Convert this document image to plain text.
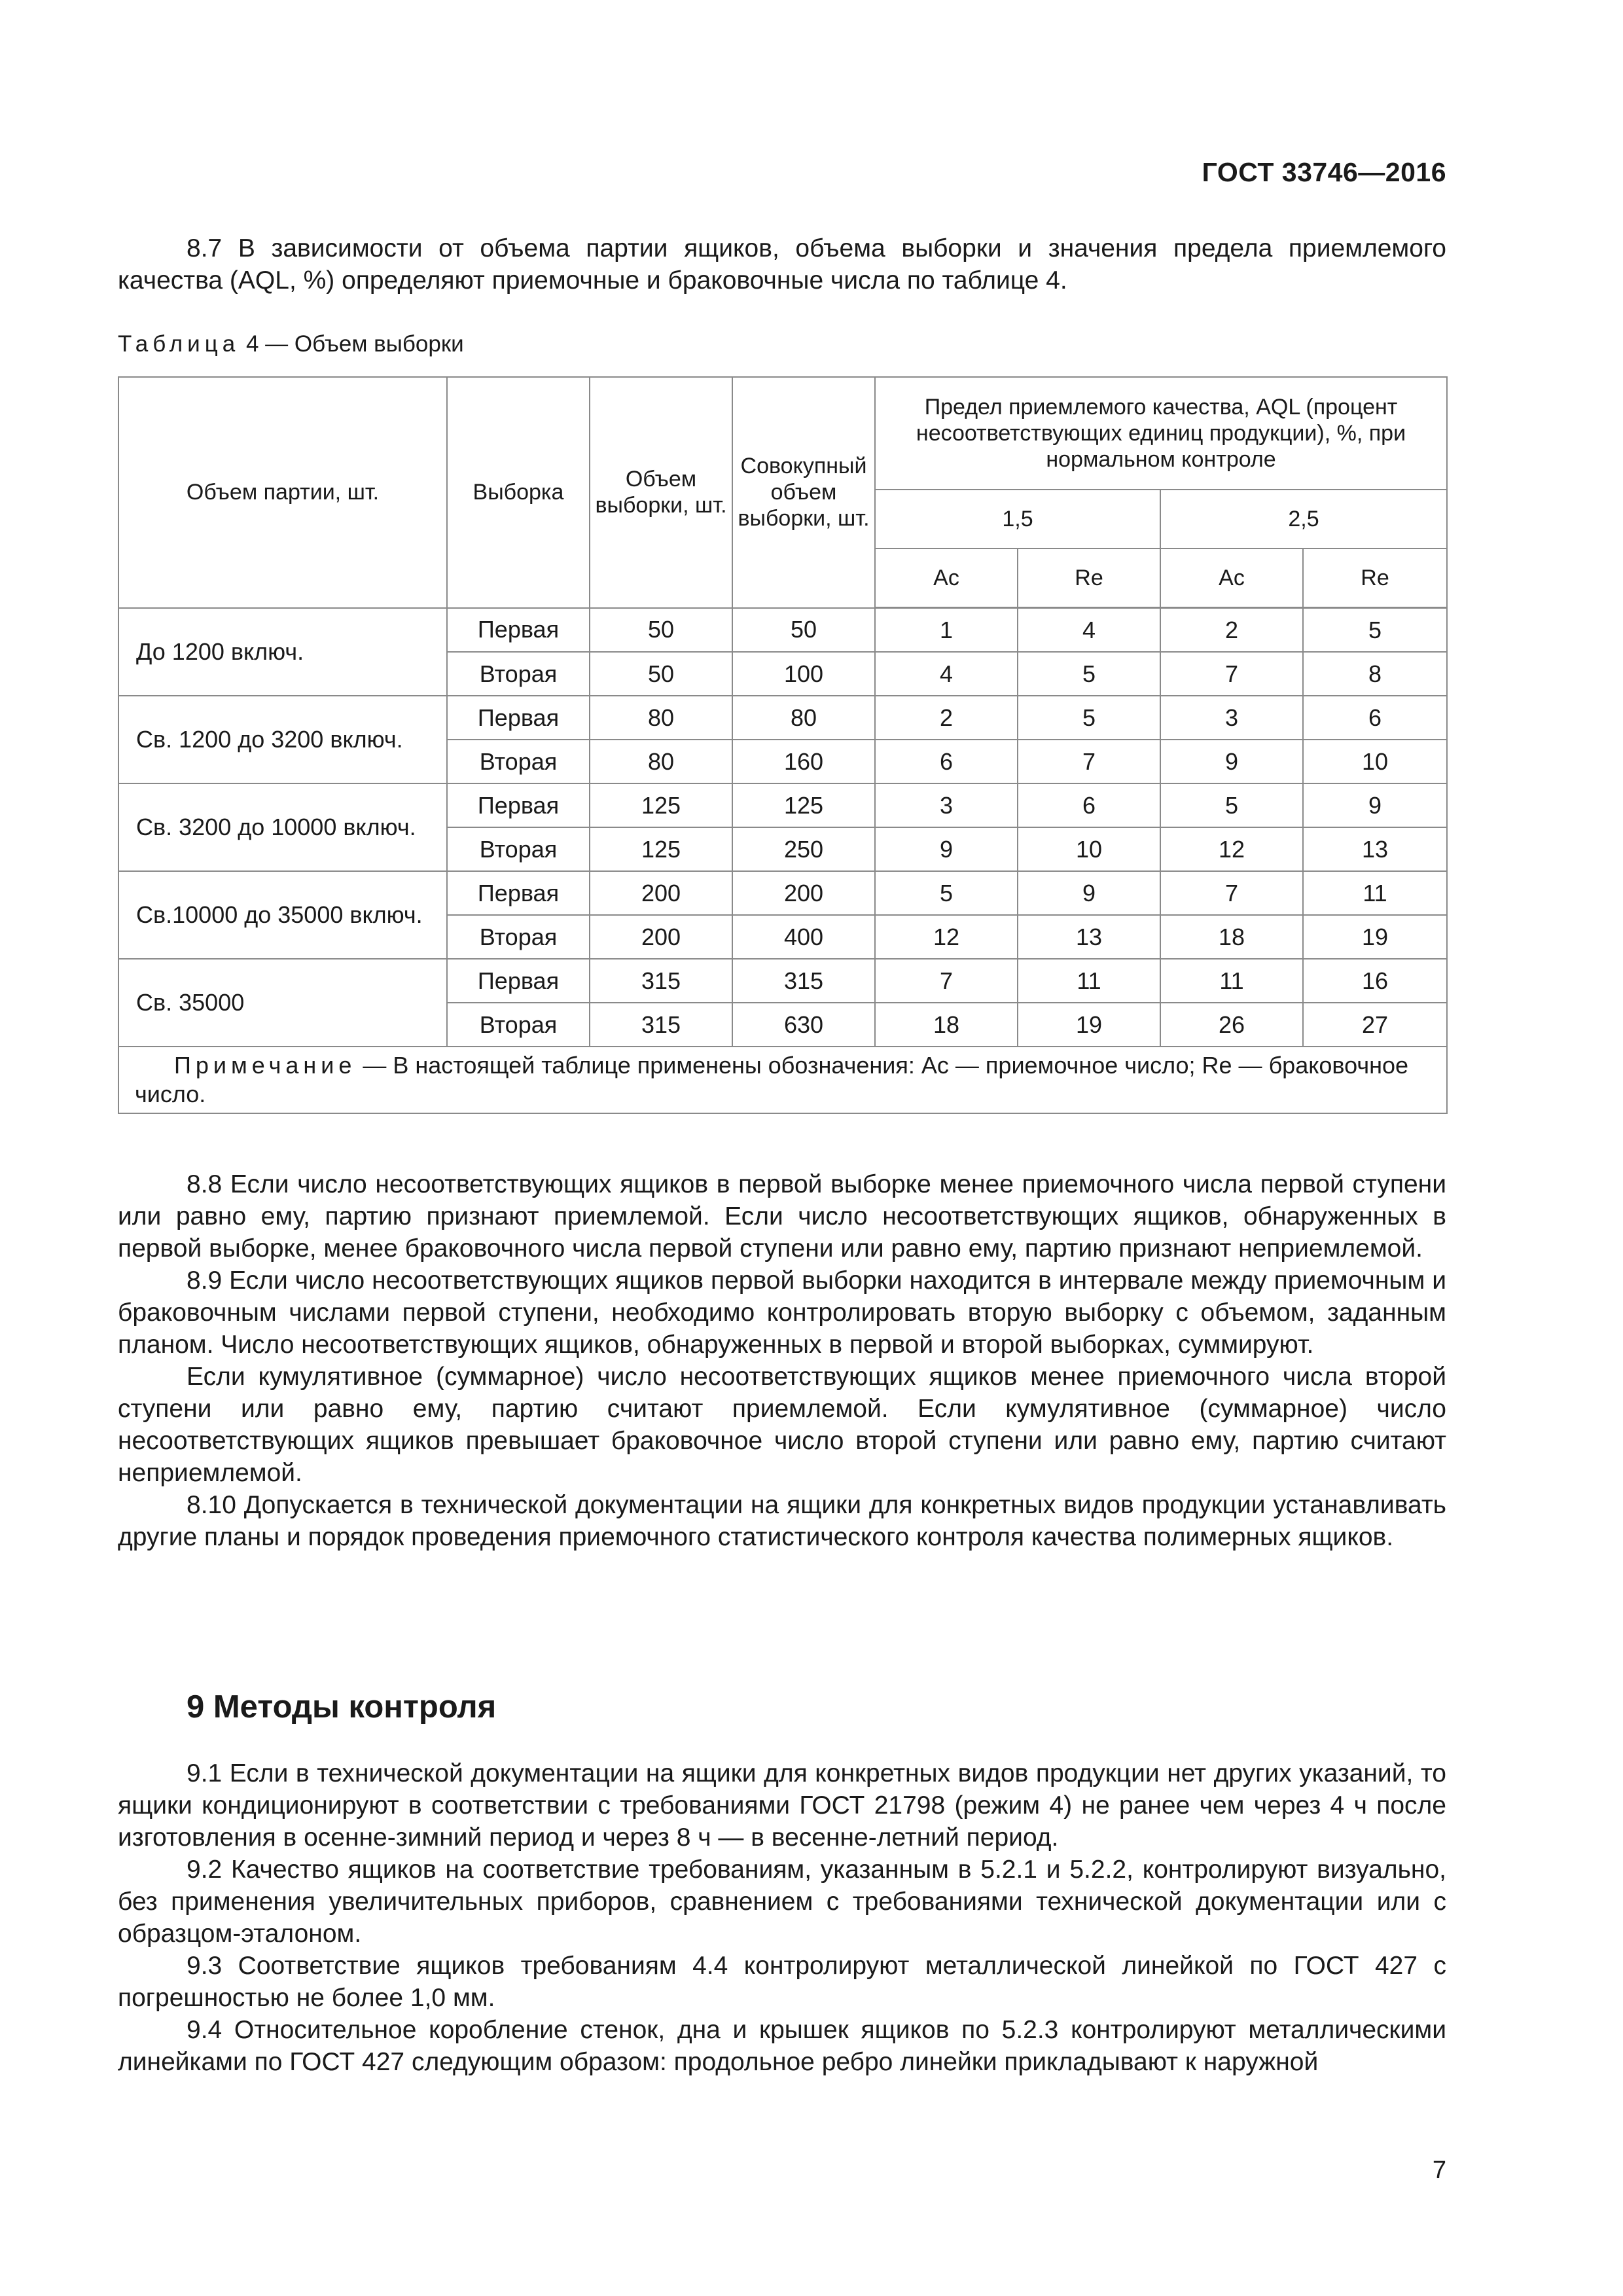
ГОСТ 33746—2016

8.7 В зависимости от объема партии ящиков, объема выборки и значения предела приемлемого качества (AQL, %) определяют приемочные и браковочные числа по таблице 4.

Таблица 4 — Объем выборки
Объем партии, шт.	Выборка	Объем выборки, шт.	Совокупный объем выборки, шт.	Предел приемлемого качества, AQL (процент несоответствующих единиц продукции), %, при нормальном контроле			
				1,5		2,5	
				Ac	Re	Ac	Re
До 1200 включ.	Первая	50	50	1	4	2	5
	Вторая	50	100	4	5	7	8
Св. 1200 до 3200 включ.	Первая	80	80	2	5	3	6
	Вторая	80	160	6	7	9	10
Св. 3200 до 10000 включ.	Первая	125	125	3	6	5	9
	Вторая	125	250	9	10	12	13
Св.10000 до 35000 включ.	Первая	200	200	5	9	7	11
	Вторая	200	400	12	13	18	19
Св. 35000	Первая	315	315	7	11	11	16
	Вторая	315	630	18	19	26	27
Примечание — В настоящей таблице применены обозначения: Ac — приемочное число; Re — браковочное число.							

8.8 Если число несоответствующих ящиков в первой выборке менее приемочного числа первой ступени или равно ему, партию признают приемлемой. Если число несоответствующих ящиков, обнаруженных в первой выборке, менее браковочного числа первой ступени или равно ему, партию признают неприемлемой.

8.9 Если число несоответствующих ящиков первой выборки находится в интервале между приемочным и браковочным числами первой ступени, необходимо контролировать вторую выборку с объемом, заданным планом. Число несоответствующих ящиков, обнаруженных в первой и второй выборках, суммируют.

Если кумулятивное (суммарное) число несоответствующих ящиков менее приемочного числа второй ступени или равно ему, партию считают приемлемой. Если кумулятивное (суммарное) число несоответствующих ящиков превышает браковочное число второй ступени или равно ему, партию считают неприемлемой.

8.10 Допускается в технической документации на ящики для конкретных видов продукции устанавливать другие планы и порядок проведения приемочного статистического контроля качества полимерных ящиков.

9 Методы контроля

9.1 Если в технической документации на ящики для конкретных видов продукции нет других указаний, то ящики кондиционируют в соответствии с требованиями ГОСТ 21798 (режим 4) не ранее чем через 4 ч после изготовления в осенне-зимний период и через 8 ч — в весенне-летний период.

9.2 Качество ящиков на соответствие требованиям, указанным в 5.2.1 и 5.2.2, контролируют визуально, без применения увеличительных приборов, сравнением с требованиями технической документации или с образцом-эталоном.

9.3 Соответствие ящиков требованиям 4.4 контролируют металлической линейкой по ГОСТ 427 с погрешностью не более 1,0 мм.

9.4 Относительное коробление стенок, дна и крышек ящиков по 5.2.3 контролируют металлическими линейками по ГОСТ 427 следующим образом: продольное ребро линейки прикладывают к наружной

7
